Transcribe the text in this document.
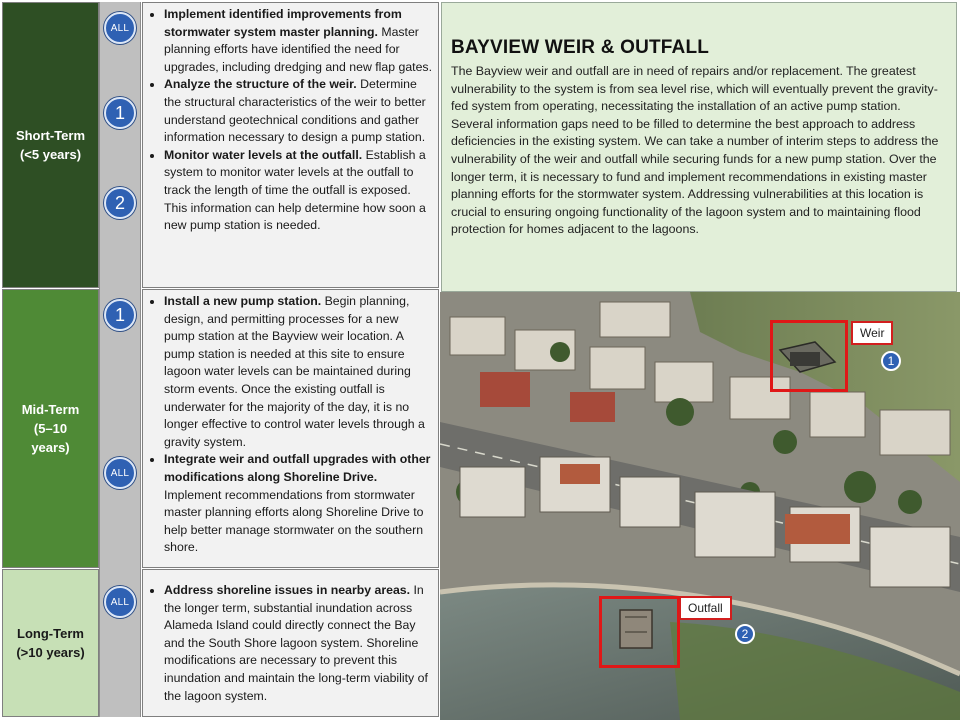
Short-Term
(<5 years)
Mid-Term
(5–10
years)
Long-Term
(>10 years)
ALL
1
2
1
ALL
ALL
• Implement identified improvements from stormwater system master planning. Master planning efforts have identified the need for upgrades, including dredging and new flap gates.
• Analyze the structure of the weir. Determine the structural characteristics of the weir to better understand geotechnical conditions and gather information necessary to design a pump station.
• Monitor water levels at the outfall. Establish a system to monitor water levels at the outfall to track the length of time the outfall is exposed. This information can help determine how soon a new pump station is needed.
• Install a new pump station. Begin planning, design, and permitting processes for a new pump station at the Bayview weir location. A pump station is needed at this site to ensure lagoon water levels can be maintained during storm events. Once the existing outfall is underwater for the majority of the day, it is no longer effective to control water levels through a gravity system.
• Integrate weir and outfall upgrades with other modifications along Shoreline Drive. Implement recommendations from stormwater master planning efforts along Shoreline Drive to help better manage stormwater on the southern shore.
• Address shoreline issues in nearby areas. In the longer term, substantial inundation across Alameda Island could directly connect the Bay and the South Shore lagoon system. Shoreline modifications are necessary to prevent this inundation and maintain the long-term viability of the lagoon system.
BAYVIEW WEIR & OUTFALL

The Bayview weir and outfall are in need of repairs and/or replacement. The greatest vulnerability to the system is from sea level rise, which will eventually prevent the gravity-fed system from operating, necessitating the installation of an active pump station. Several information gaps need to be filled to determine the best approach to address deficiencies in the existing system. We can take a number of interim steps to address the vulnerability of the weir and outfall while securing funds for a new pump station. Over the longer term, it is necessary to fund and implement recommendations in existing master planning efforts for the stormwater system. Addressing vulnerabilities at this location is crucial to ensuring ongoing functionality of the lagoon system and to maintaining flood protection for homes adjacent to the lagoons.

Weir
1
Outfall
2
